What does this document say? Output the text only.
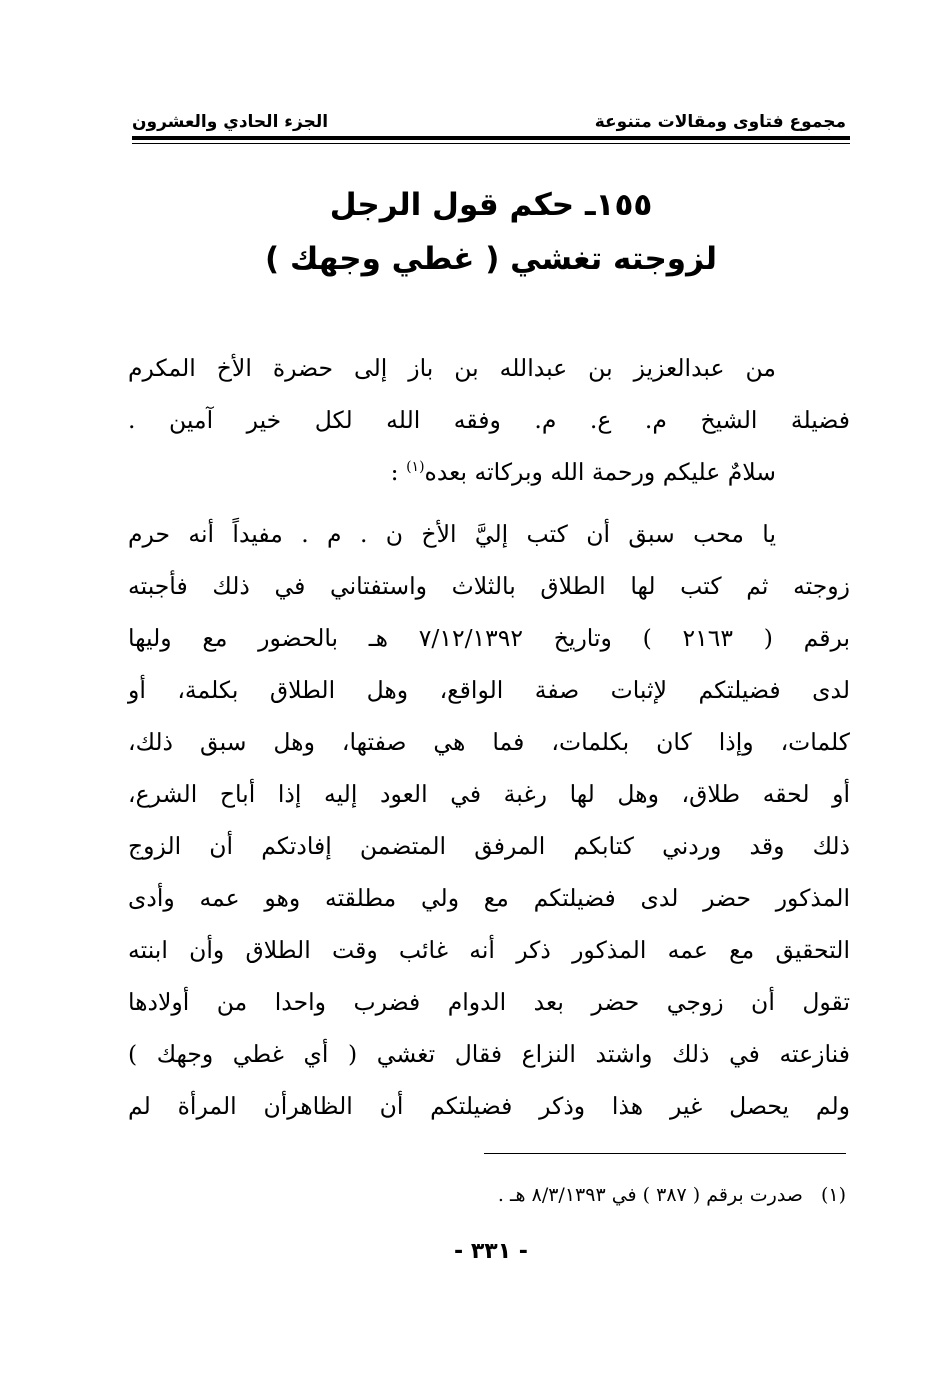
مجموع فتاوى ومقالات متنوعة
الجزء الحادي والعشرون
١٥٥ـ حكم قول الرجل
لزوجته تغشي ( غطي وجهك )
من عبدالعزيز بن عبدالله بن باز إلى حضرة الأخ المكرم
فضيلة الشيخ م. ع. م. وفقه الله لكل خير آمين .
سلامٌ عليكم ورحمة الله وبركاته بعده$^{(١)}$ :
يا محب سبق أن كتب إليَّ الأخ ن . م . مفيداً أنه حرم
زوجته ثم كتب لها الطلاق بالثلاث واستفتاني في ذلك فأجبته
برقم ( ٢١٦٣ ) وتاريخ ٧/١٢/١٣٩٢ هـ بالحضور مع وليها
لدى فضيلتكم لإثبات صفة الواقع، وهل الطلاق بكلمة، أو
كلمات، وإذا كان بكلمات، فما هي صفتها، وهل سبق ذلك،
أو لحقه طلاق، وهل لها رغبة في العود إليه إذا أباح الشرع،
ذلك وقد وردني كتابكم المرفق المتضمن إفادتكم أن الزوج
المذكور حضر لدى فضيلتكم مع ولي مطلقته وهو عمه وأدى
التحقيق مع عمه المذكور ذكر أنه غائب وقت الطلاق وأن ابنته
تقول أن زوجي حضر بعد الدوام فضرب واحدا من أولادها
فنازعته في ذلك واشتد النزاع فقال تغشي ( أي غطي وجهك )
ولم يحصل غير هذا وذكر فضيلتكم أن الظاهرأن المرأة لم
(١)صدرت برقم ( ٣٨٧ ) في ٨/٣/١٣٩٣ هـ .
- ٣٣١ -
